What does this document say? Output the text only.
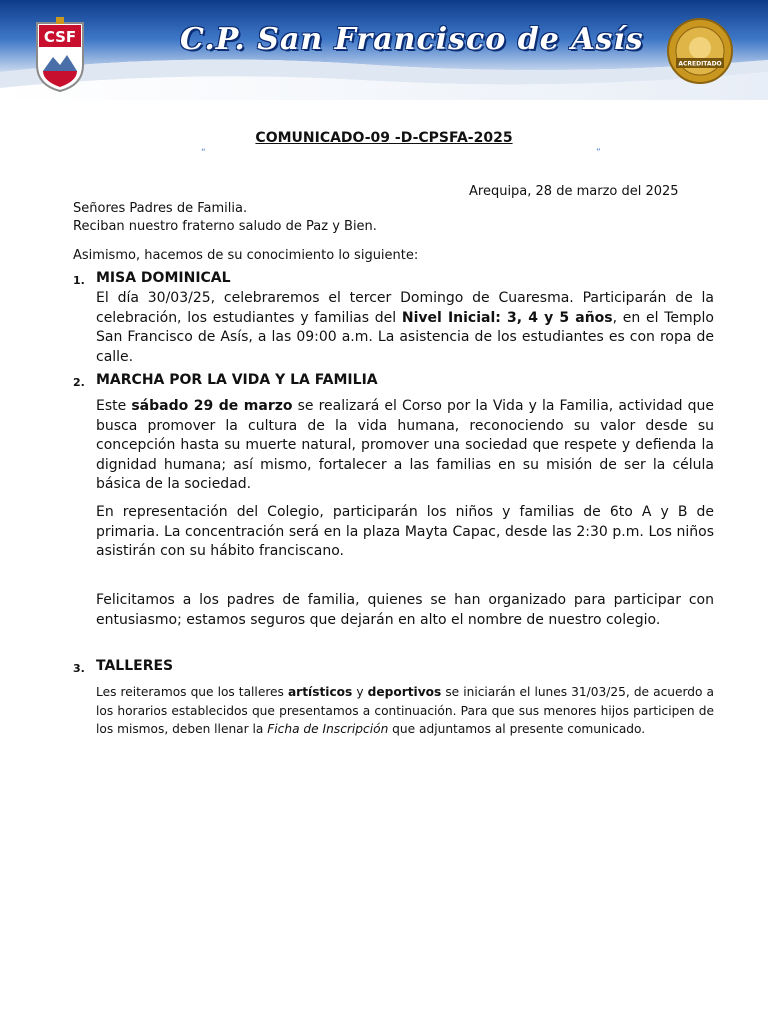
CSF	C.P. San Francisco de Asís
ACREDITADO
COMUNICADO-09 -D-CPSFA-2025
“	”
Arequipa, 28 de marzo del 2025
Señores Padres de Familia.
Reciban nuestro fraterno saludo de Paz y Bien.
Asimismo, hacemos de su conocimiento lo siguiente:
1. MISA DOMINICAL
El día 30/03/25, celebraremos el tercer Domingo de Cuaresma. Participarán de la celebración, los estudiantes y familias del Nivel Inicial: 3, 4 y 5 años, en el Templo San Francisco de Asís, a las 09:00 a.m. La asistencia de los estudiantes es con ropa de calle.
2. MARCHA POR LA VIDA Y LA FAMILIA
Este sábado 29 de marzo se realizará el Corso por la Vida y la Familia, actividad que busca promover la cultura de la vida humana, reconociendo su valor desde su concepción hasta su muerte natural, promover una sociedad que respete y defienda la dignidad humana; así mismo, fortalecer a las familias en su misión de ser la célula básica de la sociedad.
En representación del Colegio, participarán los niños y familias de 6to A y B de primaria. La concentración será en la plaza Mayta Capac, desde las 2:30 p.m. Los niños asistirán con su hábito franciscano.
Felicitamos a los padres de familia, quienes se han organizado para participar con entusiasmo; estamos seguros que dejarán en alto el nombre de nuestro colegio.
3. TALLERES
Les reiteramos que los talleres artísticos y deportivos se iniciarán el lunes 31/03/25, de acuerdo a los horarios establecidos que presentamos a continuación. Para que sus menores hijos participen de los mismos, deben llenar la Ficha de Inscripción que adjuntamos al presente comunicado.
